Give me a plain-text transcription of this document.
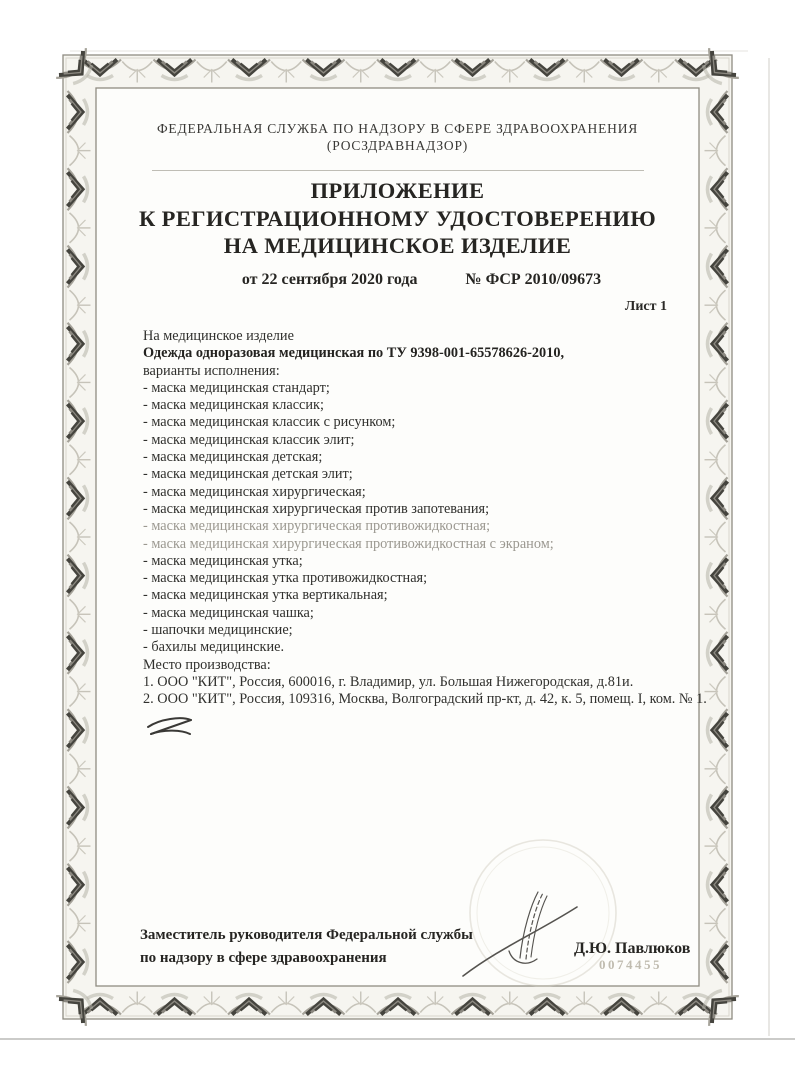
ФЕДЕРАЛЬНАЯ СЛУЖБА ПО НАДЗОРУ В СФЕРЕ ЗДРАВООХРАНЕНИЯ
(РОСЗДРАВНАДЗОР)
ПРИЛОЖЕНИЕ
К РЕГИСТРАЦИОННОМУ УДОСТОВЕРЕНИЮ
НА МЕДИЦИНСКОЕ ИЗДЕЛИЕ
от 22 сентября 2020 года	№ ФСР 2010/09673
Лист 1
На медицинское изделие
Одежда одноразовая медицинская по ТУ 9398-001-65578626-2010,
варианты исполнения:
- маска медицинская стандарт;
- маска медицинская классик;
- маска медицинская классик с рисунком;
- маска медицинская классик элит;
- маска медицинская детская;
- маска медицинская детская элит;
- маска медицинская хирургическая;
- маска медицинская хирургическая против запотевания;
- маска медицинская хирургическая противожидкостная;
- маска медицинская хирургическая противожидкостная с экраном;
- маска медицинская утка;
- маска медицинская утка противожидкостная;
- маска медицинская утка вертикальная;
- маска медицинская чашка;
- шапочки медицинские;
- бахилы медицинские.
Место производства:
1. ООО "КИТ", Россия, 600016, г. Владимир, ул. Большая Нижегородская, д.81и.
2. ООО "КИТ", Россия, 109316, Москва, Волгоградский пр-кт, д. 42, к. 5, помещ. I, ком. № 1.
Заместитель руководителя Федеральной службы
по надзору в сфере здравоохранения
Д.Ю. Павлюков
0074455
